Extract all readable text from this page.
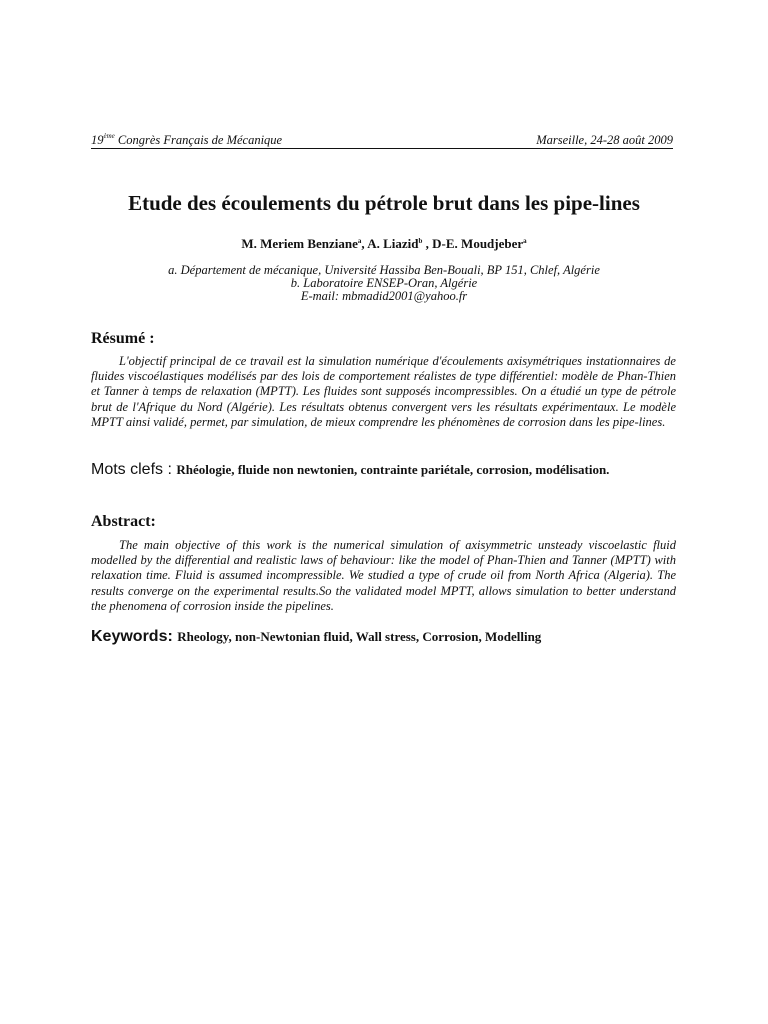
19ème Congrès Français de Mécanique	Marseille, 24-28 août 2009
Etude des écoulements du pétrole brut dans les pipe-lines
M. Meriem Benziane$^a$, A. Liazid$^b$ , D-E. Moudjeber$^a$
a. Département de mécanique, Université Hassiba Ben-Bouali, BP 151, Chlef, Algérie
b. Laboratoire ENSEP-Oran, Algérie
E-mail: mbmadid2001@yahoo.fr
Résumé :

L'objectif principal de ce travail est la simulation numérique d'écoulements axisymétriques instationnaires de fluides viscoélastiques modélisés par des lois de comportement réalistes de type différentiel: modèle de Phan-Thien et Tanner à temps de relaxation (MPTT). Les fluides sont supposés incompressibles. On a étudié un type de pétrole brut de l'Afrique du Nord (Algérie). Les résultats obtenus convergent vers les résultats expérimentaux. Le modèle MPTT ainsi validé, permet, par simulation, de mieux comprendre les phénomènes de corrosion dans les pipe-lines.

Mots clefs : Rhéologie, fluide non newtonien, contrainte pariétale, corrosion, modélisation.
Abstract:

The main objective of this work is the numerical simulation of axisymmetric unsteady viscoelastic fluid modelled by the differential and realistic laws of behaviour: like the model of Phan-Thien and Tanner (MPTT) with relaxation time. Fluid is assumed incompressible. We studied a type of crude oil from North Africa (Algeria). The results converge on the experimental results.So the validated model MPTT, allows simulation to better understand the phenomena of corrosion inside the pipelines.

Keywords: Rheology, non-Newtonian fluid, Wall stress, Corrosion, Modelling
